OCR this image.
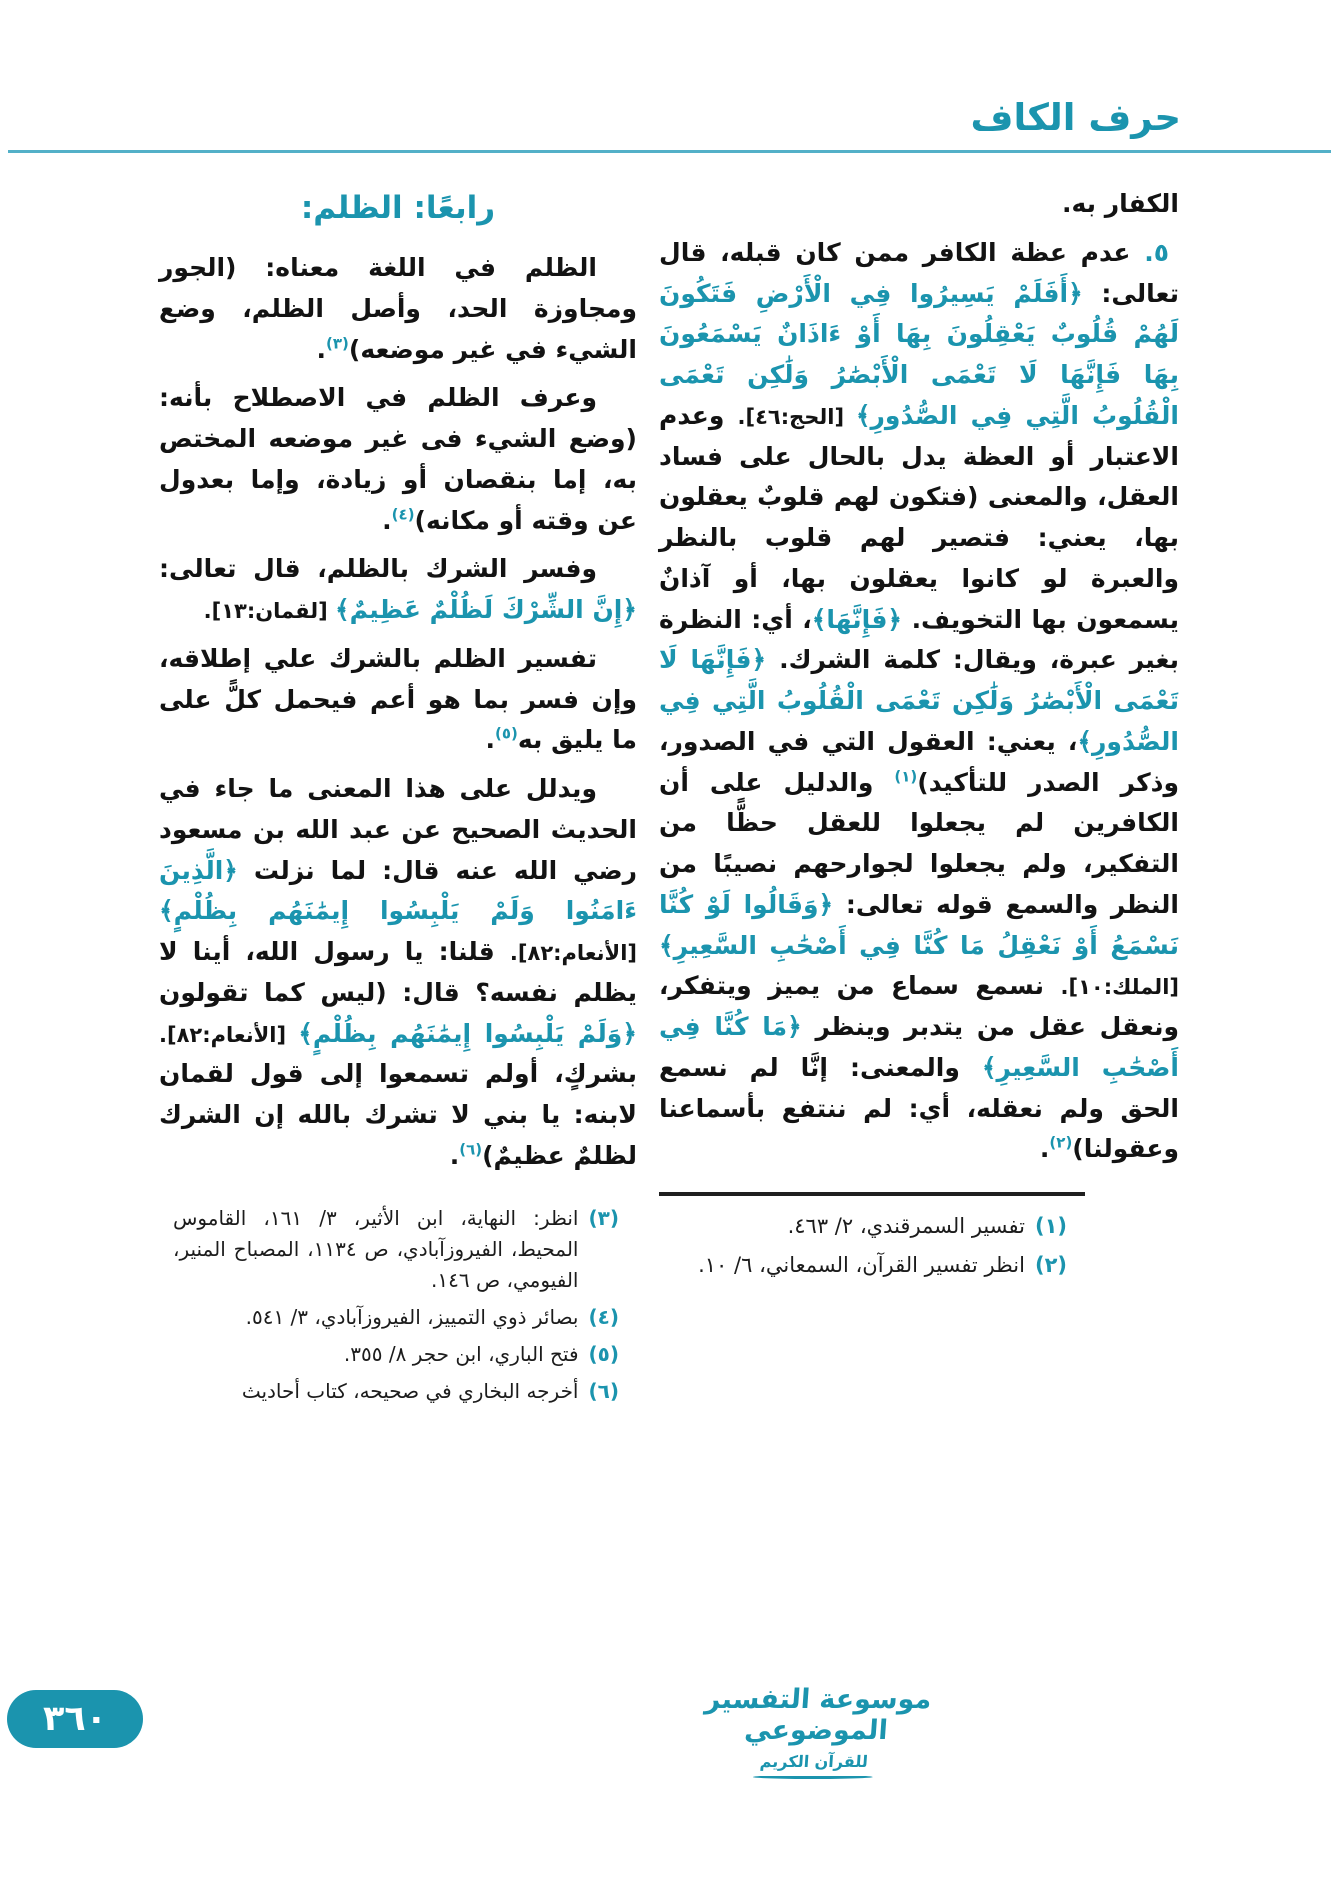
حرف الكاف

الكفار به.

٥. عدم عظة الكافر ممن كان قبله، قال تعالى: ﴿أَفَلَمْ يَسِيرُوا فِي الْأَرْضِ فَتَكُونَ لَهُمْ قُلُوبٌ يَعْقِلُونَ بِهَا أَوْ ءَاذَانٌ يَسْمَعُونَ بِهَا فَإِنَّهَا لَا تَعْمَى الْأَبْصَٰرُ وَلَٰكِن تَعْمَى الْقُلُوبُ الَّتِي فِي الصُّدُورِ﴾ [الحج:٤٦]. وعدم الاعتبار أو العظة يدل بالحال على فساد العقل، والمعنى (فتكون لهم قلوبٌ يعقلون بها، يعني: فتصير لهم قلوب بالنظر والعبرة لو كانوا يعقلون بها، أو آذانٌ يسمعون بها التخويف. ﴿فَإِنَّهَا﴾، أي: النظرة بغير عبرة، ويقال: كلمة الشرك. ﴿فَإِنَّهَا لَا تَعْمَى الْأَبْصَٰرُ وَلَٰكِن تَعْمَى الْقُلُوبُ الَّتِي فِي الصُّدُورِ﴾، يعني: العقول التي في الصدور، وذكر الصدر للتأكيد)$^{(١)}$ والدليل على أن الكافرين لم يجعلوا للعقل حظًّا من التفكير، ولم يجعلوا لجوارحهم نصيبًا من النظر والسمع قوله تعالى: ﴿وَقَالُوا لَوْ كُنَّا نَسْمَعُ أَوْ نَعْقِلُ مَا كُنَّا فِي أَصْحَٰبِ السَّعِيرِ﴾ [الملك:١٠]. نسمع سماع من يميز ويتفكر، ونعقل عقل من يتدبر وينظر ﴿مَا كُنَّا فِي أَصْحَٰبِ السَّعِيرِ﴾ والمعنى: إنَّا لم نسمع الحق ولم نعقله، أي: لم ننتفع بأسماعنا وعقولنا)$^{(٢)}$.

(١)
تفسير السمرقندي، ٢/ ٤٦٣.
(٢)
انظر تفسير القرآن، السمعاني، ٦/ ١٠.
رابعًا: الظلم:

الظلم في اللغة معناه: (الجور ومجاوزة الحد، وأصل الظلم، وضع الشيء في غير موضعه)$^{(٣)}$.

وعرف الظلم في الاصطلاح بأنه: (وضع الشيء فى غير موضعه المختص به، إما بنقصان أو زيادة، وإما بعدول عن وقته أو مكانه)$^{(٤)}$.

وفسر الشرك بالظلم، قال تعالى: ﴿إِنَّ الشِّرْكَ لَظُلْمٌ عَظِيمٌ﴾ [لقمان:١٣].

تفسير الظلم بالشرك علي إطلاقه، وإن فسر بما هو أعم فيحمل كلًّ على ما يليق به$^{(٥)}$.

ويدلل على هذا المعنى ما جاء في الحديث الصحيح عن عبد الله بن مسعود رضي الله عنه قال: لما نزلت ﴿الَّذِينَ ءَامَنُوا وَلَمْ يَلْبِسُوا إِيمَٰنَهُم بِظُلْمٍ﴾ [الأنعام:٨٢]. قلنا: يا رسول الله، أينا لا يظلم نفسه؟ قال: (ليس كما تقولون ﴿وَلَمْ يَلْبِسُوا إِيمَٰنَهُم بِظُلْمٍ﴾ [الأنعام:٨٢]. بشركٍ، أولم تسمعوا إلى قول لقمان لابنه: يا بني لا تشرك بالله إن الشرك لظلمٌ عظيمٌ)$^{(٦)}$.

(٣)
انظر: النهاية، ابن الأثير، ٣/ ١٦١، القاموس المحيط، الفيروزآبادي، ص ١١٣٤، المصباح المنير، الفيومي، ص ١٤٦.
(٤)
بصائر ذوي التمييز، الفيروزآبادي، ٣/ ٥٤١.
(٥)
فتح الباري، ابن حجر ٨/ ٣٥٥.
(٦)
أخرجه البخاري في صحيحه، كتاب أحاديث
موسوعة التفسير الموضوعي
للقرآن الكريم
٣٦٠
